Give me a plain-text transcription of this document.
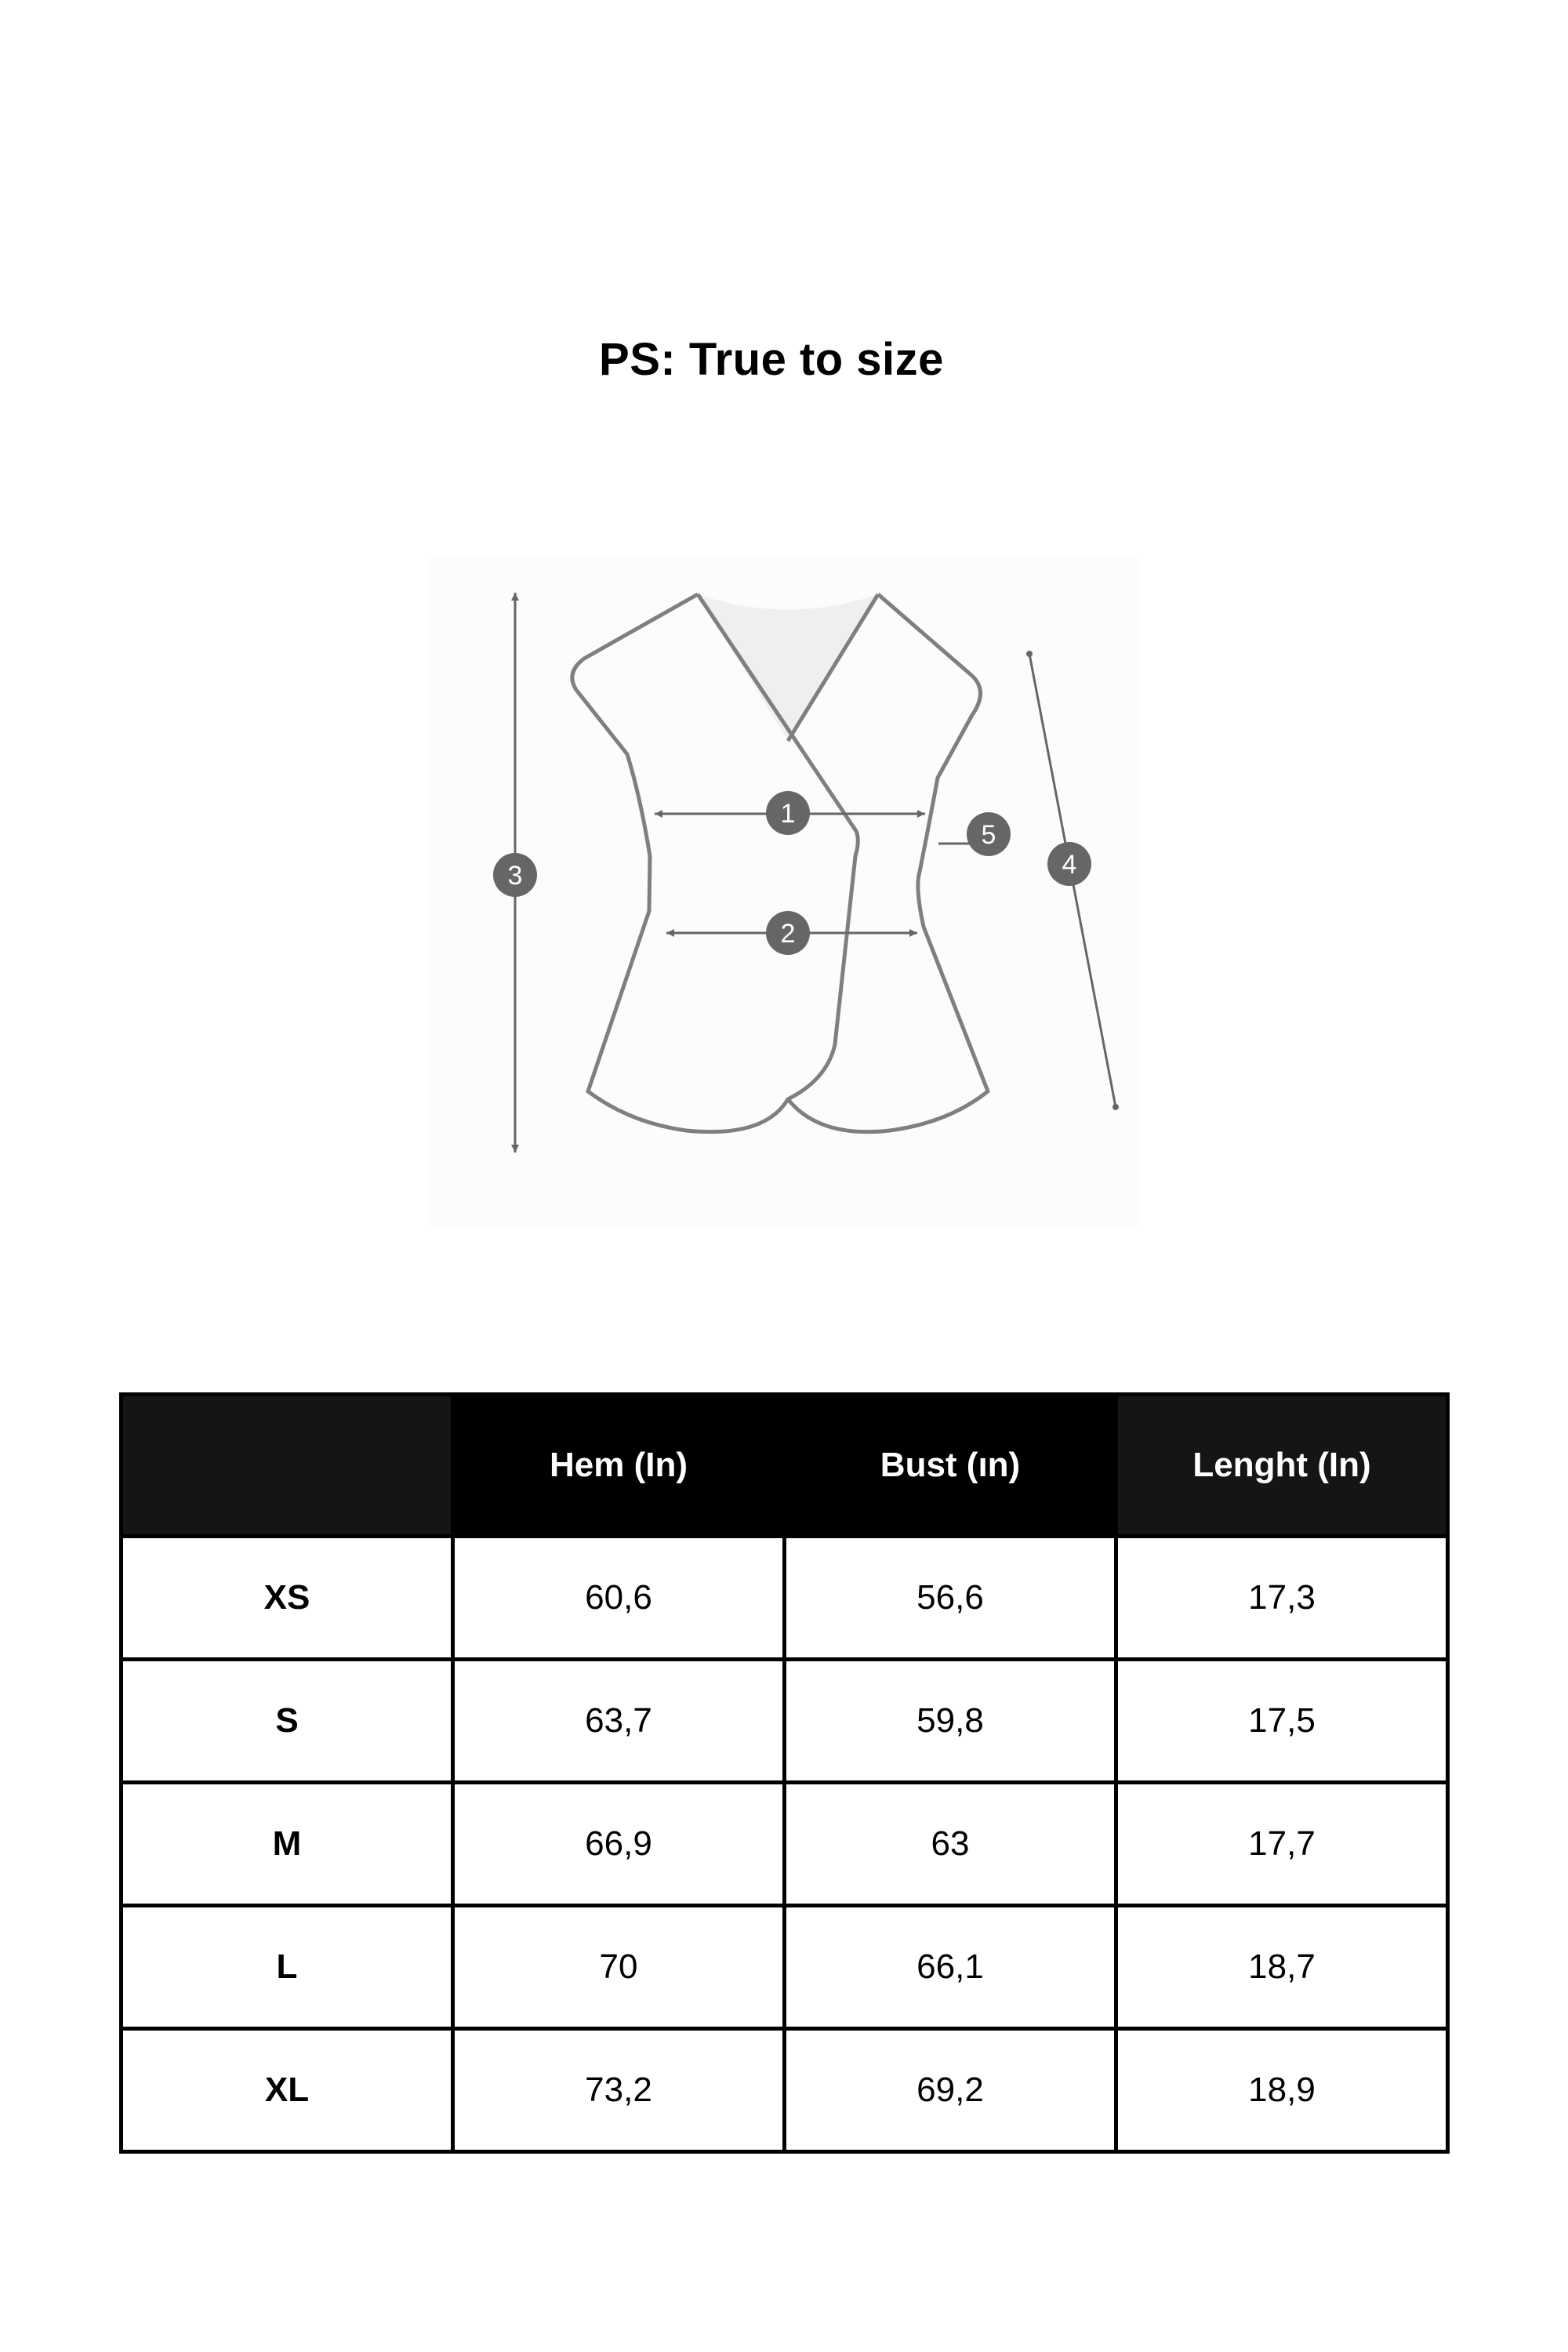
PS: True to size
1
2
3	4
5
	Hem (In)	Bust (ın)	Lenght (In)
XS	60,6	56,6	17,3
S	63,7	59,8	17,5
M	66,9	63	17,7
L	70	66,1	18,7
XL	73,2	69,2	18,9
